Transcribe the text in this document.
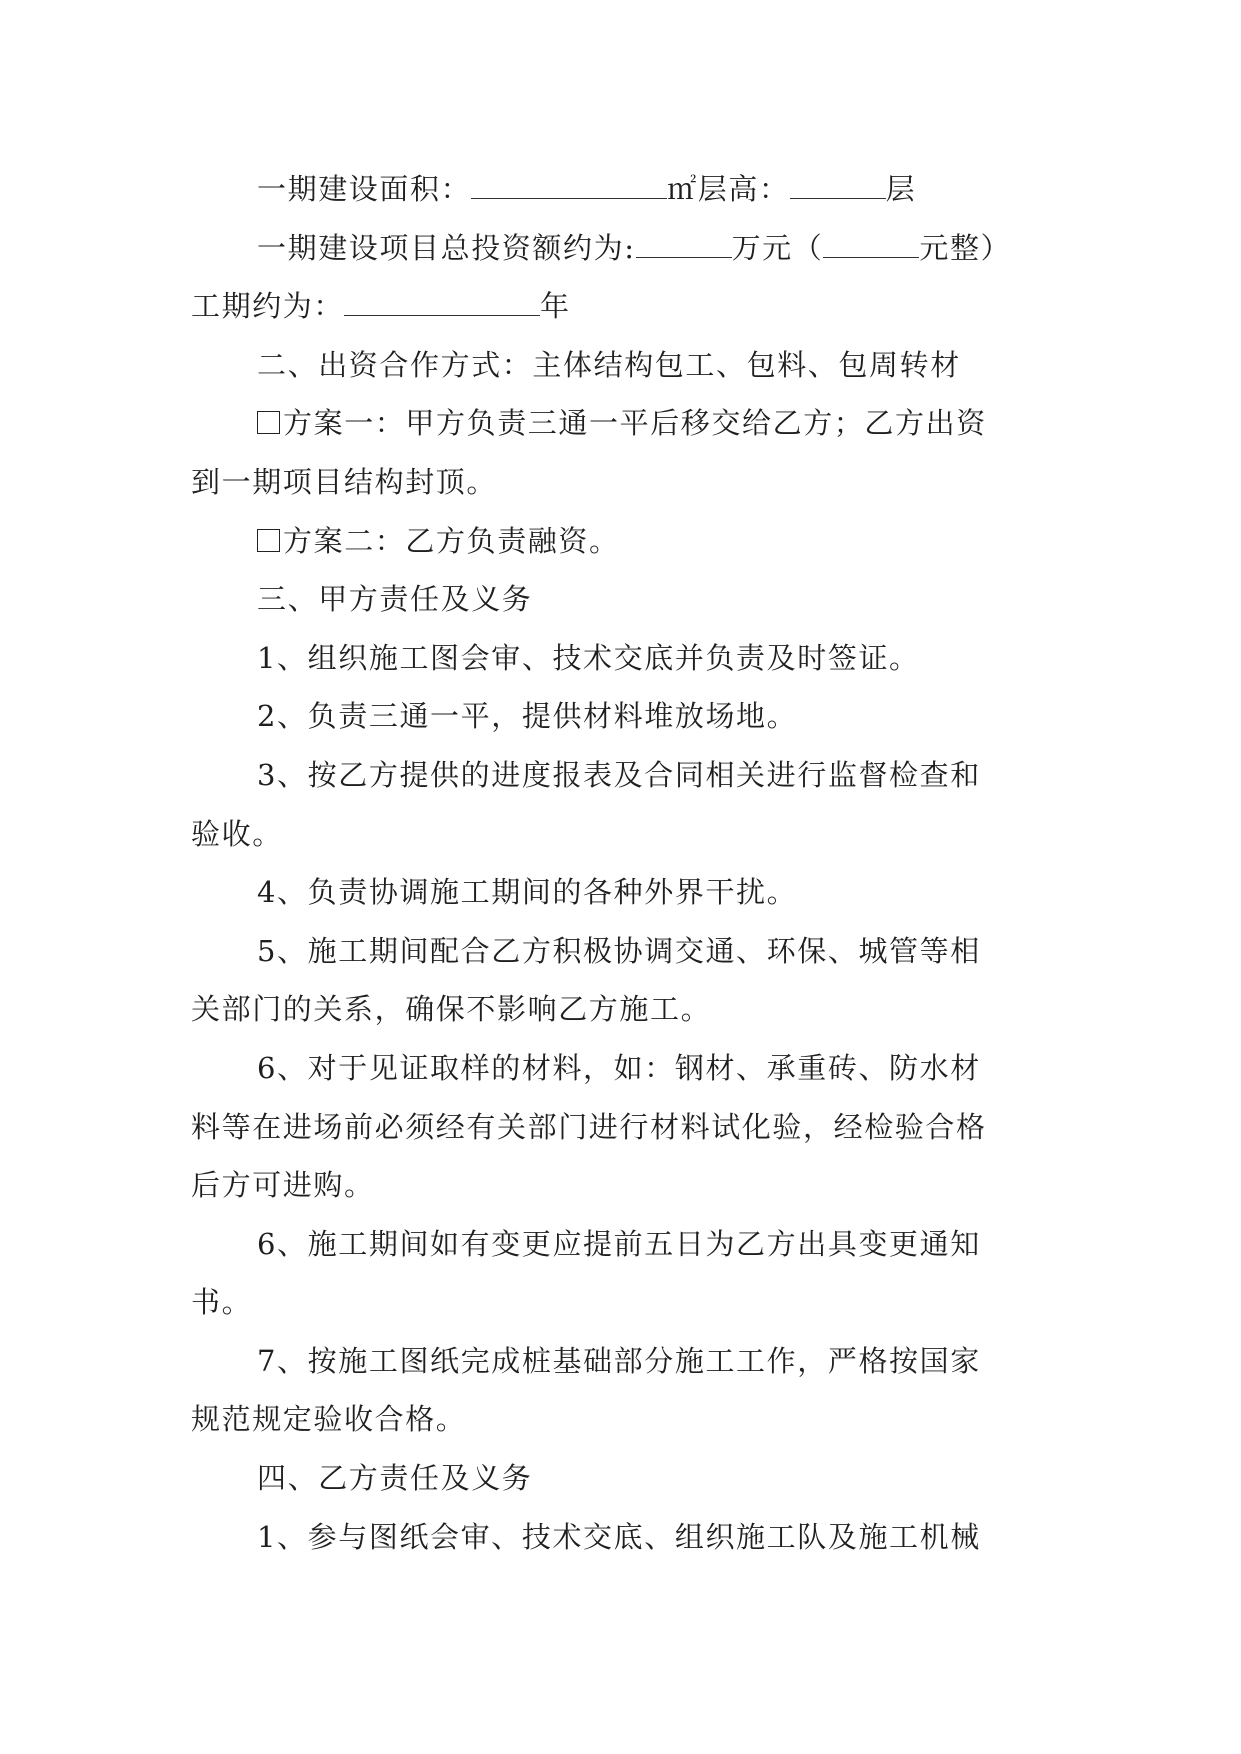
一期建设面积：	㎡层高：	层
一期建设项目总投资额约为:	万元（	元整）
工期约为：	年
二、出资合作方式：主体结构包工、包料、包周转材
方案一：甲方负责三通一平后移交给乙方；乙方出资
到一期项目结构封顶。
方案二：乙方负责融资。
三、甲方责任及义务
1、组织施工图会审、技术交底并负责及时签证。
2、负责三通一平，提供材料堆放场地。
3、按乙方提供的进度报表及合同相关进行监督检查和
验收。
4、负责协调施工期间的各种外界干扰。
5、施工期间配合乙方积极协调交通、环保、城管等相
关部门的关系，确保不影响乙方施工。
6、对于见证取样的材料，如：钢材、承重砖、防水材
料等在进场前必须经有关部门进行材料试化验，经检验合格
后方可进购。
6、施工期间如有变更应提前五日为乙方出具变更通知
书。
7、按施工图纸完成桩基础部分施工工作，严格按国家
规范规定验收合格。
四、乙方责任及义务
1、参与图纸会审、技术交底、组织施工队及施工机械
